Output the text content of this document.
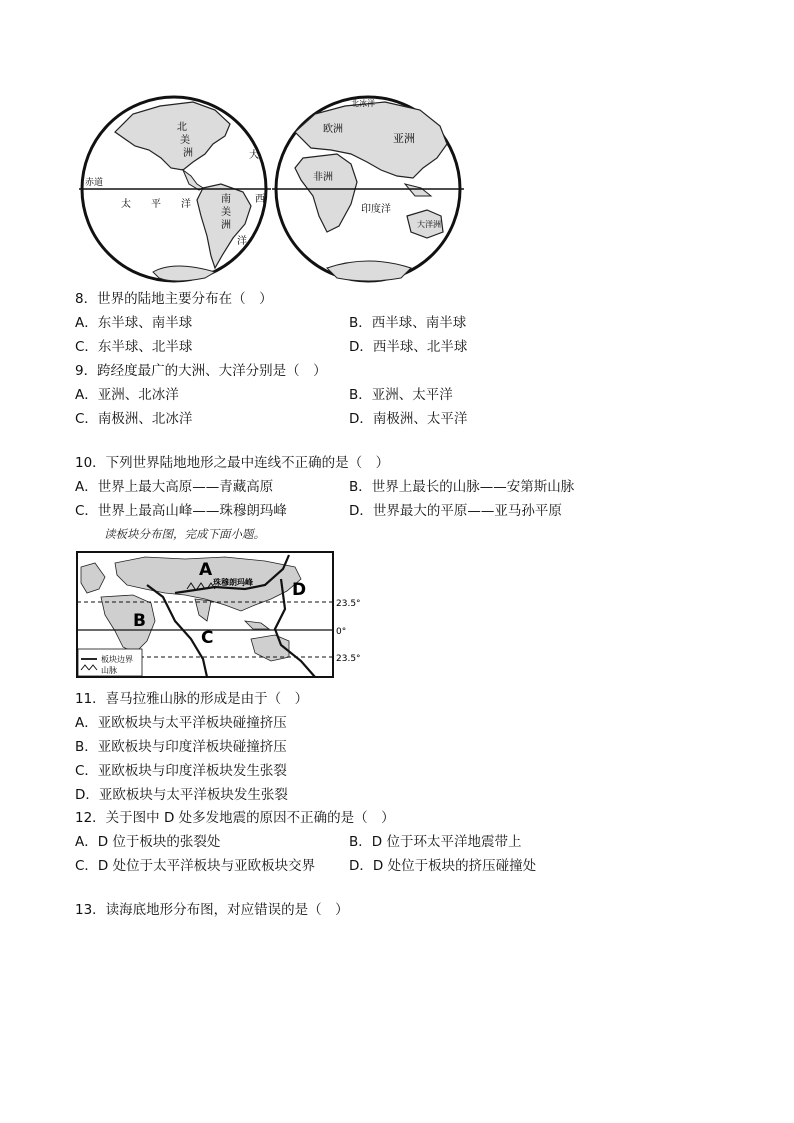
赤道
北
美
洲	大
西
太 平 洋	南
美
洲
洋
北冰洋
欧洲
亚洲
非洲
印度洋
大洋洲
8．世界的陆地主要分布在（　）
A．东半球、南半球	B．西半球、南半球
C．东半球、北半球	D．西半球、北半球
9．跨经度最广的大洲、大洋分别是（　）
A．亚洲、北冰洋	B．亚洲、太平洋
C．南极洲、北冰洋	D．南极洲、太平洋
10．下列世界陆地地形之最中连线不正确的是（　）
A．世界上最大高原——青藏高原	B．世界上最长的山脉——安第斯山脉
C．世界上最高山峰——珠穆朗玛峰	D．世界最大的平原——亚马孙平原
读板块分布图，完成下面小题。
A
B
C
D
珠穆朗玛峰
23.5°
0°
23.5°
板块边界
山脉
11．喜马拉雅山脉的形成是由于（　）
A．亚欧板块与太平洋板块碰撞挤压
B．亚欧板块与印度洋板块碰撞挤压
C．亚欧板块与印度洋板块发生张裂
D．亚欧板块与太平洋板块发生张裂
12．关于图中 D 处多发地震的原因不正确的是（　）
A．D 位于板块的张裂处	B．D 位于环太平洋地震带上
C．D 处位于太平洋板块与亚欧板块交界	D．D 处位于板块的挤压碰撞处
13．读海底地形分布图，对应错误的是（　）
